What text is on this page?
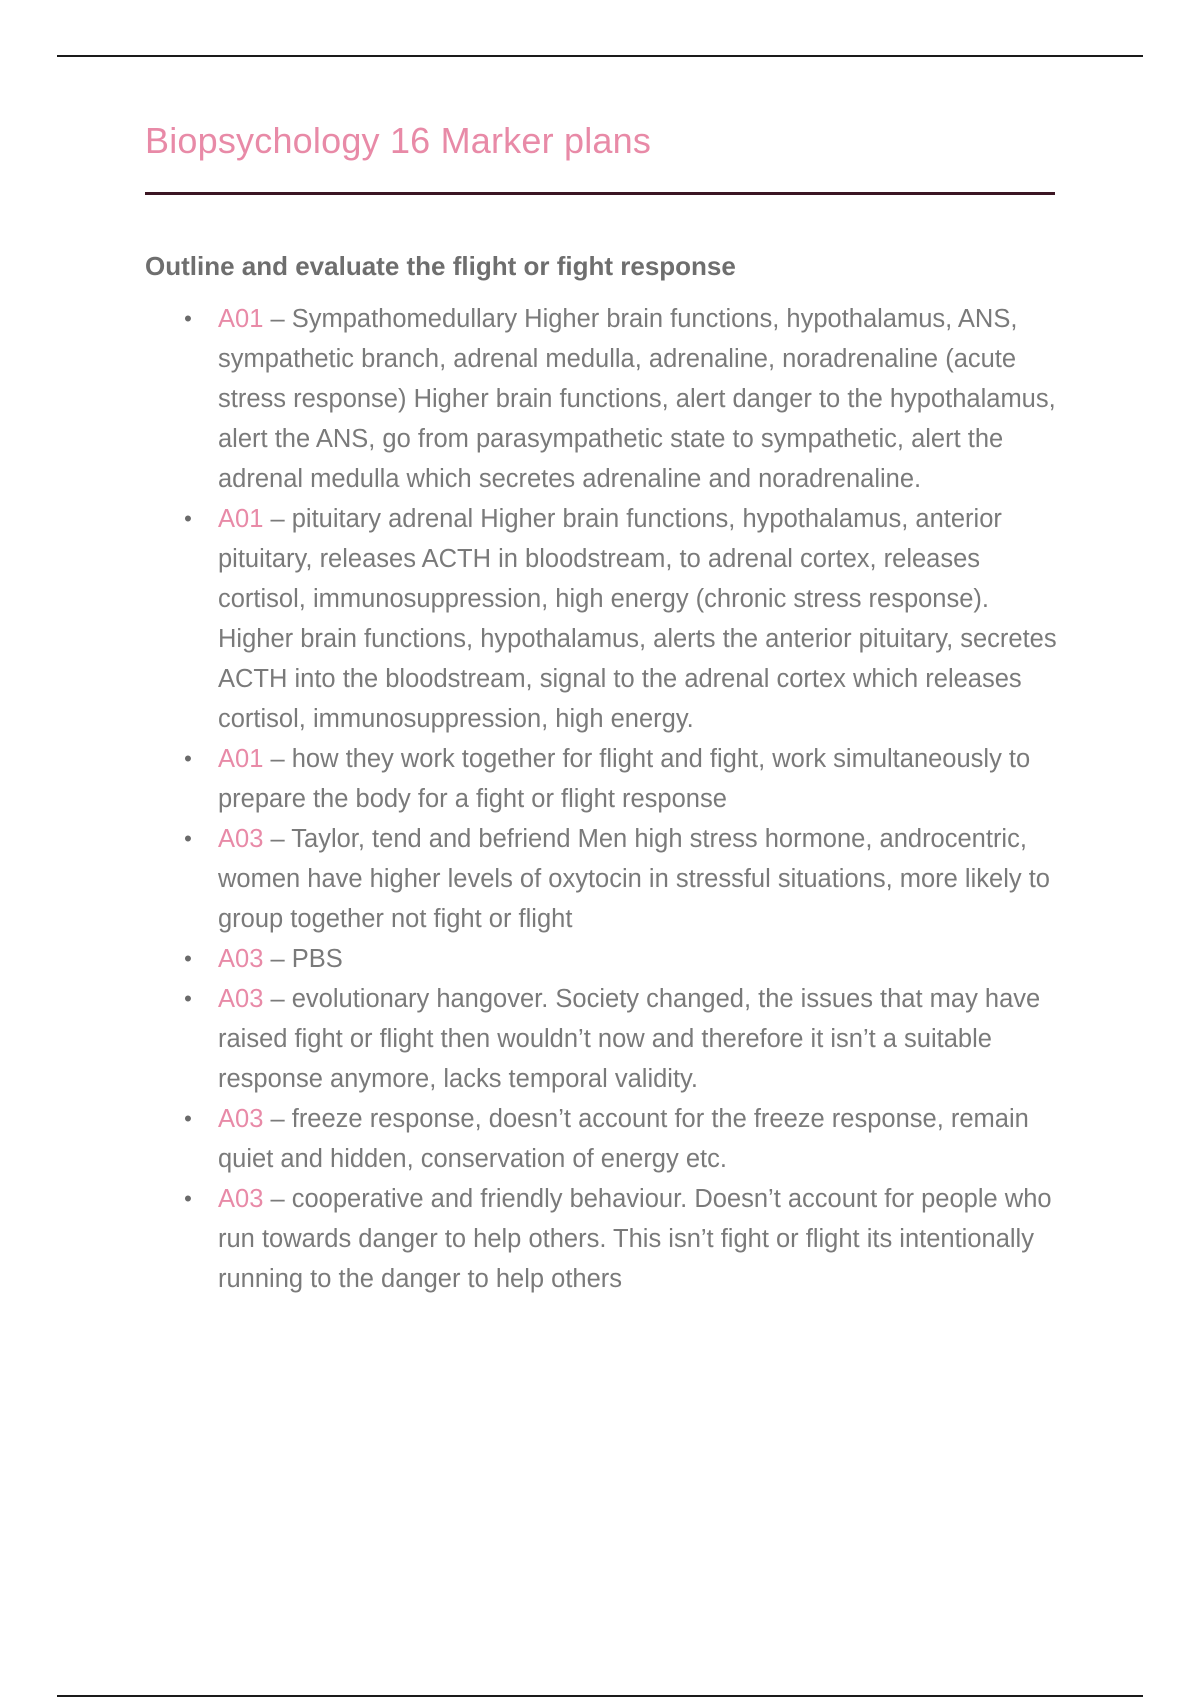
Biopsychology 16 Marker plans
Outline and evaluate the flight or fight response
• A01 – Sympathomedullary Higher brain functions, hypothalamus, ANS, sympathetic branch, adrenal medulla, adrenaline, noradrenaline (acute stress response) Higher brain functions, alert danger to the hypothalamus, alert the ANS, go from parasympathetic state to sympathetic, alert the adrenal medulla which secretes adrenaline and noradrenaline.
• A01 – pituitary adrenal Higher brain functions, hypothalamus, anterior pituitary, releases ACTH in bloodstream, to adrenal cortex, releases cortisol, immunosuppression, high energy (chronic stress response). Higher brain functions, hypothalamus, alerts the anterior pituitary, secretes ACTH into the bloodstream, signal to the adrenal cortex which releases cortisol, immunosuppression, high energy.
• A01 – how they work together for flight and fight, work simultaneously to prepare the body for a fight or flight response
• A03 – Taylor, tend and befriend Men high stress hormone, androcentric, women have higher levels of oxytocin in stressful situations, more likely to group together not fight or flight
• A03 – PBS
• A03 – evolutionary hangover. Society changed, the issues that may have raised fight or flight then wouldn’t now and therefore it isn’t a suitable response anymore, lacks temporal validity.
• A03 – freeze response, doesn’t account for the freeze response, remain quiet and hidden, conservation of energy etc.
• A03 – cooperative and friendly behaviour. Doesn’t account for people who run towards danger to help others. This isn’t fight or flight its intentionally running to the danger to help others
